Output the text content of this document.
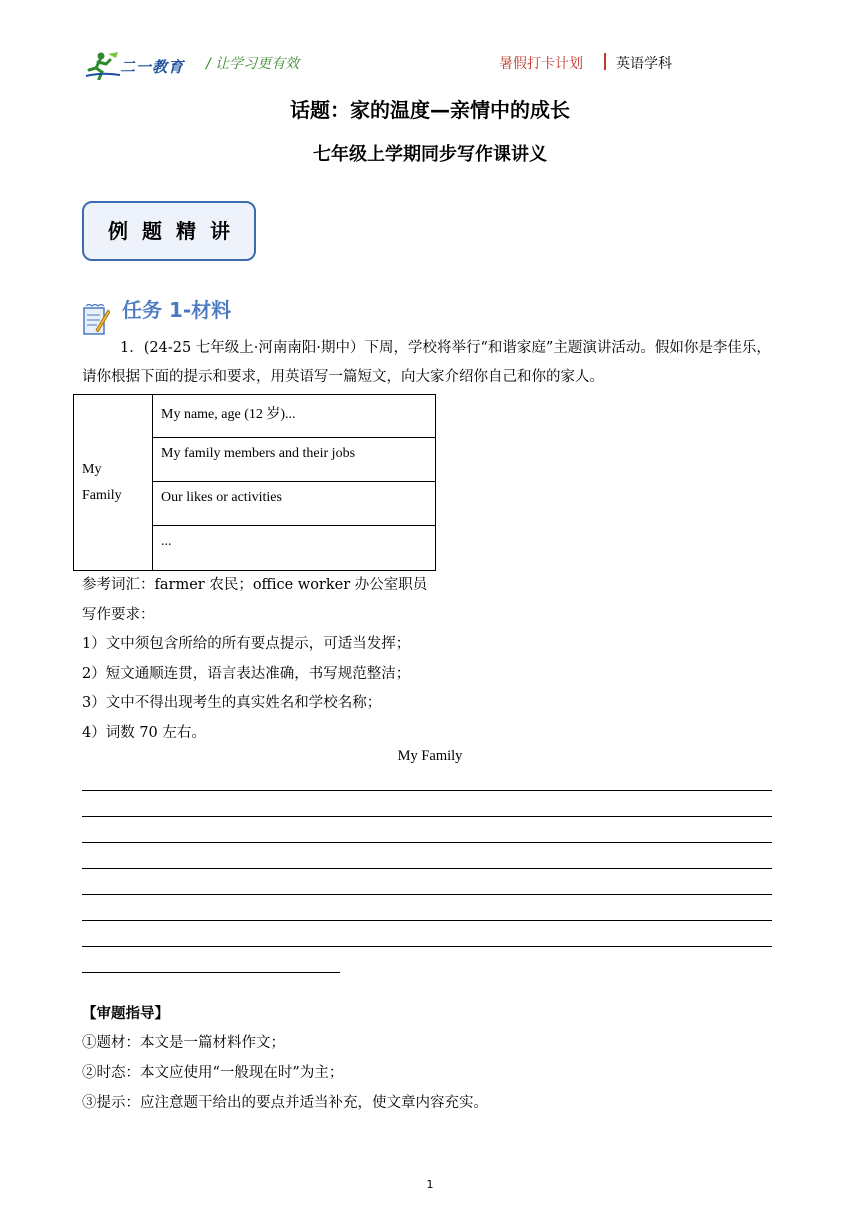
二一教育 / 让学习更有效	暑假打卡计划 英语学科
话题：家的温度—亲情中的成长
七年级上学期同步写作课讲义
例题精讲
任务 1-材料
1．(24-25 七年级上·河南南阳·期中）下周，学校将举行“和谐家庭”主题演讲活动。假如你是李佳乐，
请你根据下面的提示和要求，用英语写一篇短文，向大家介绍你自己和你的家人。
My
Family	My name, age (12 岁)...
My family members and their jobs
Our likes or activities
...
参考词汇：farmer 农民；office worker 办公室职员
写作要求：
1）文中须包含所给的所有要点提示，可适当发挥；
2）短文通顺连贯，语言表达准确，书写规范整洁；
3）文中不得出现考生的真实姓名和学校名称；
4）词数 70 左右。
My Family
【审题指导】
①题材：本文是一篇材料作文；
②时态：本文应使用“一般现在时”为主；
③提示：应注意题干给出的要点并适当补充，使文章内容充实。
1
